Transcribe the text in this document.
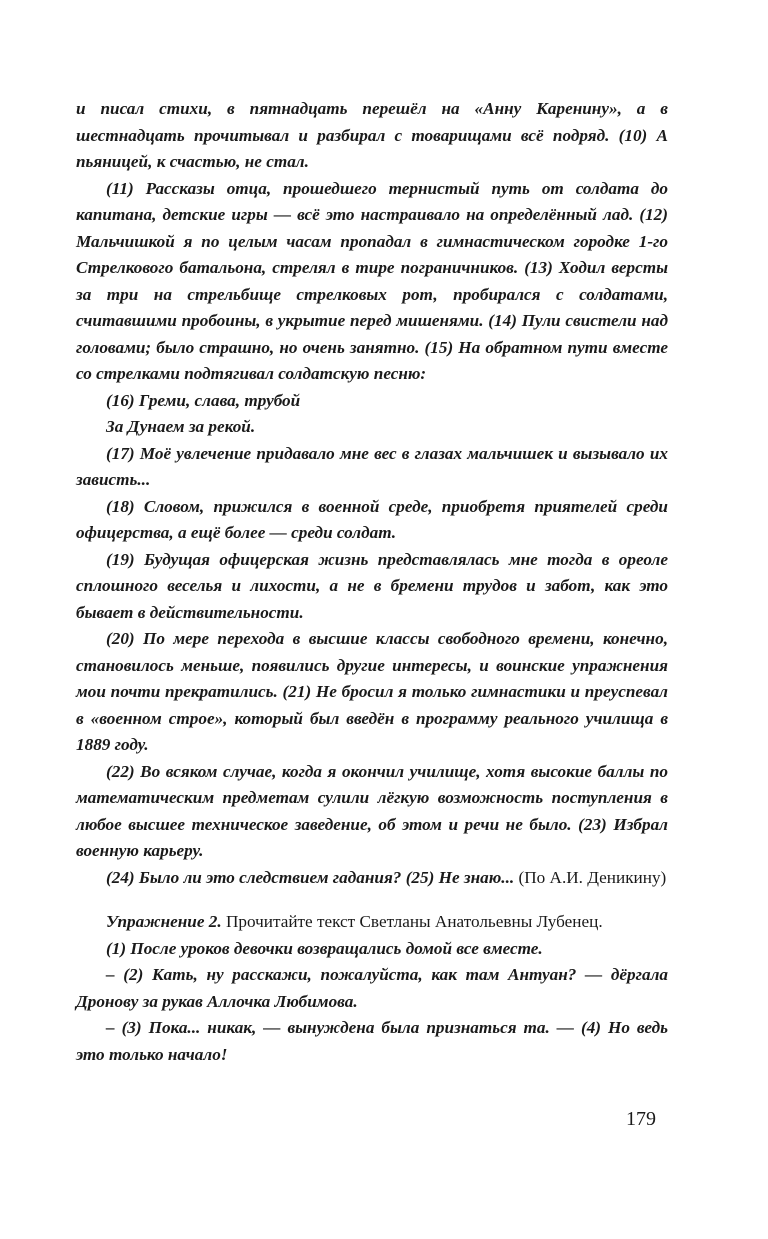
и писал стихи, в пятнадцать перешёл на «Анну Каренину», а в шестнадцать прочитывал и разбирал с товарищами всё подряд. (10) А пьяницей, к счастью, не стал.

(11) Рассказы отца, прошедшего тернистый путь от солдата до капитана, детские игры — всё это настраивало на определённый лад. (12) Мальчишкой я по целым часам пропадал в гимнастическом городке 1-го Стрелкового батальона, стрелял в тире пограничников. (13) Ходил версты за три на стрельбище стрелковых рот, пробирался с солдатами, считавшими пробоины, в укрытие перед мишенями. (14) Пули свистели над головами; было страшно, но очень занятно. (15) На обратном пути вместе со стрелками подтягивал солдатскую песню:

(16) Греми, слава, трубой

За Дунаем за рекой.

(17) Моё увлечение придавало мне вес в глазах мальчишек и вызывало их зависть...

(18) Словом, прижился в военной среде, приобретя приятелей среди офицерства, а ещё более — среди солдат.

(19) Будущая офицерская жизнь представлялась мне тогда в ореоле сплошного веселья и лихости, а не в бремени трудов и забот, как это бывает в действительности.

(20) По мере перехода в высшие классы свободного времени, конечно, становилось меньше, появились другие интересы, и воинские упражнения мои почти прекратились. (21) Не бросил я только гимнастики и преуспевал в «военном строе», который был введён в программу реального училища в 1889 году.

(22) Во всяком случае, когда я окончил училище, хотя высокие баллы по математическим предметам сулили лёгкую возможность поступления в любое высшее техническое заведение, об этом и речи не было. (23) Избрал военную карьеру.

(24) Было ли это следствием гадания? (25) Не знаю... (По А.И. Деникину)

Упражнение 2. Прочитайте текст Светланы Анатольевны Лубенец.

(1) После уроков девочки возвращались домой все вместе.

– (2) Кать, ну расскажи, пожалуйста, как там Антуан? — дёргала Дронову за рукав Аллочка Любимова.

– (3) Пока... никак, — вынуждена была признаться та. — (4) Но ведь это только начало!

179
